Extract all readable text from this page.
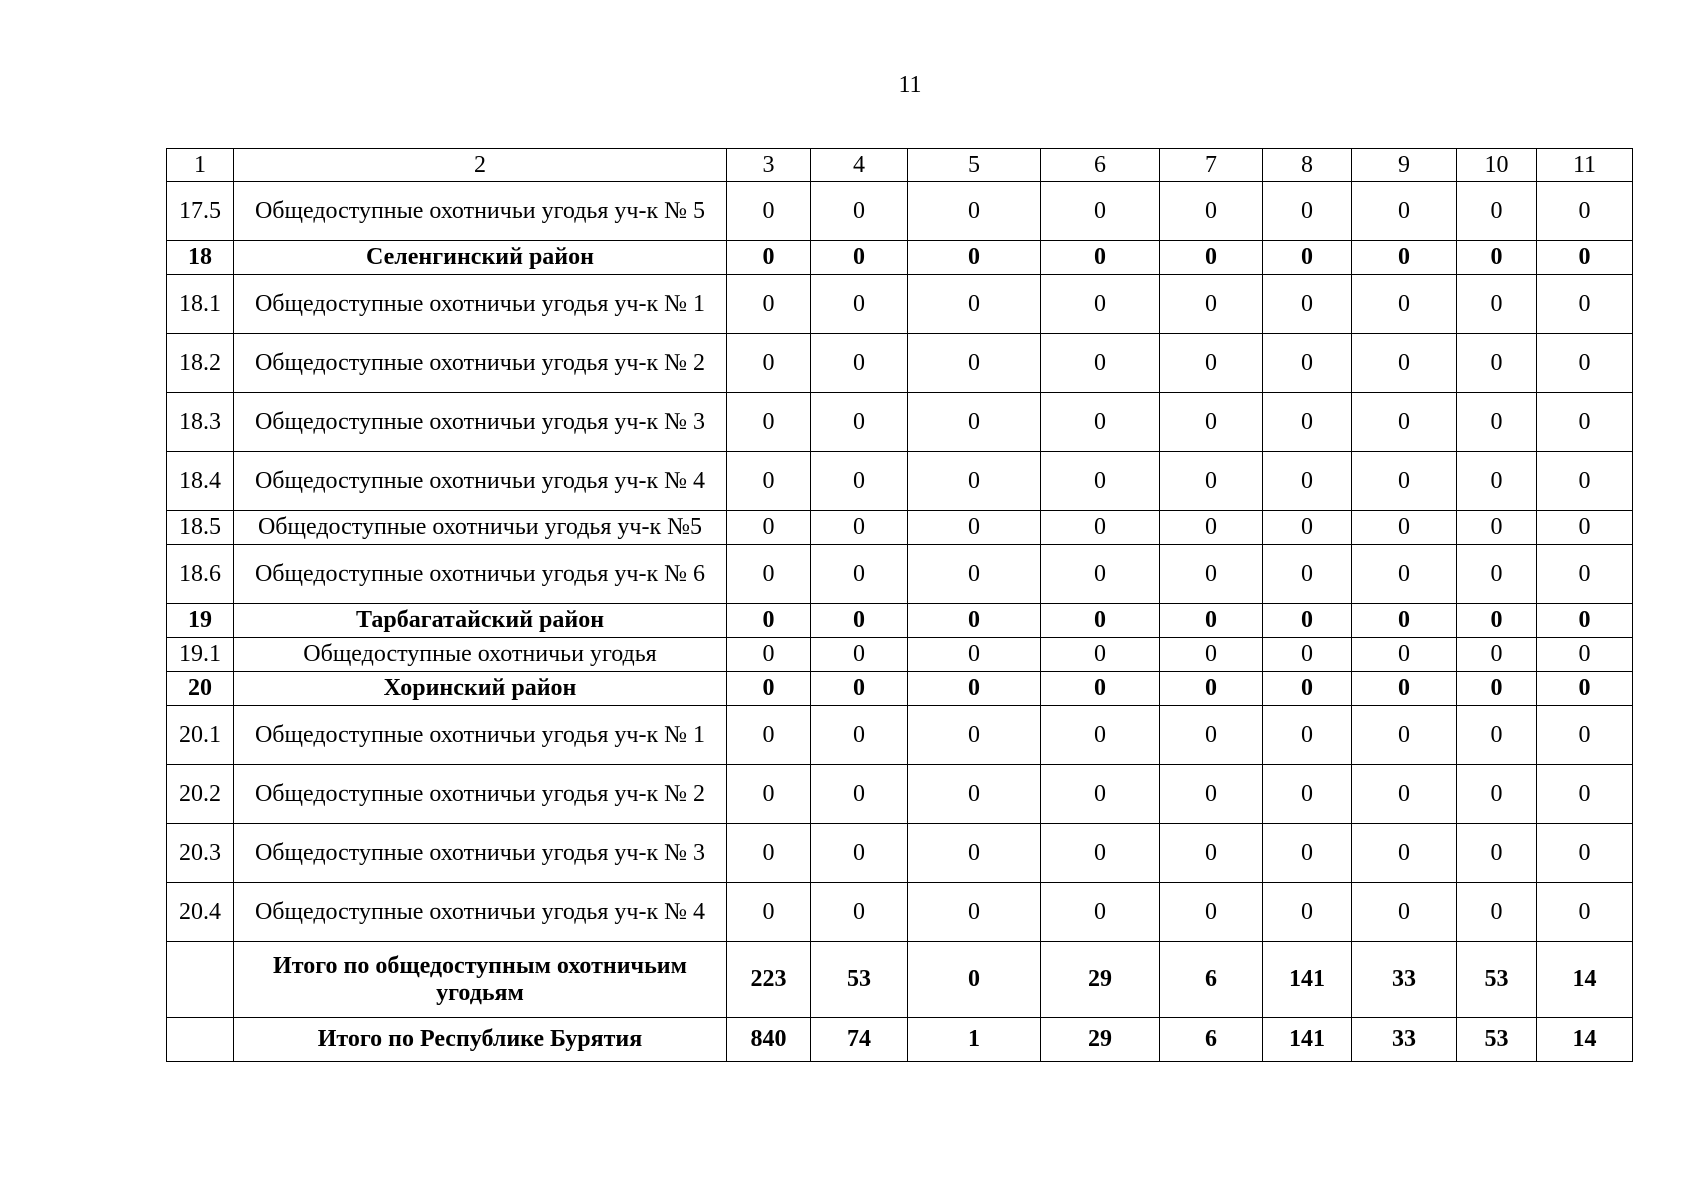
11
1	2	3	4	5	6	7	8	9	10	11
17.5	Общедоступные охотничьи угодья уч-к № 5	0	0	0	0	0	0	0	0	0
18	Селенгинский район	0	0	0	0	0	0	0	0	0
18.1	Общедоступные охотничьи угодья уч-к № 1	0	0	0	0	0	0	0	0	0
18.2	Общедоступные охотничьи угодья уч-к № 2	0	0	0	0	0	0	0	0	0
18.3	Общедоступные охотничьи угодья уч-к № 3	0	0	0	0	0	0	0	0	0
18.4	Общедоступные охотничьи угодья уч-к № 4	0	0	0	0	0	0	0	0	0
18.5	Общедоступные охотничьи угодья уч-к №5	0	0	0	0	0	0	0	0	0
18.6	Общедоступные охотничьи угодья уч-к № 6	0	0	0	0	0	0	0	0	0
19	Тарбагатайский район	0	0	0	0	0	0	0	0	0
19.1	Общедоступные охотничьи угодья	0	0	0	0	0	0	0	0	0
20	Хоринский район	0	0	0	0	0	0	0	0	0
20.1	Общедоступные охотничьи угодья уч-к № 1	0	0	0	0	0	0	0	0	0
20.2	Общедоступные охотничьи угодья уч-к № 2	0	0	0	0	0	0	0	0	0
20.3	Общедоступные охотничьи угодья уч-к № 3	0	0	0	0	0	0	0	0	0
20.4	Общедоступные охотничьи угодья уч-к № 4	0	0	0	0	0	0	0	0	0
	Итого по общедоступным охотничьим угодьям	223	53	0	29	6	141	33	53	14
	Итого по Республике Бурятия	840	74	1	29	6	141	33	53	14
